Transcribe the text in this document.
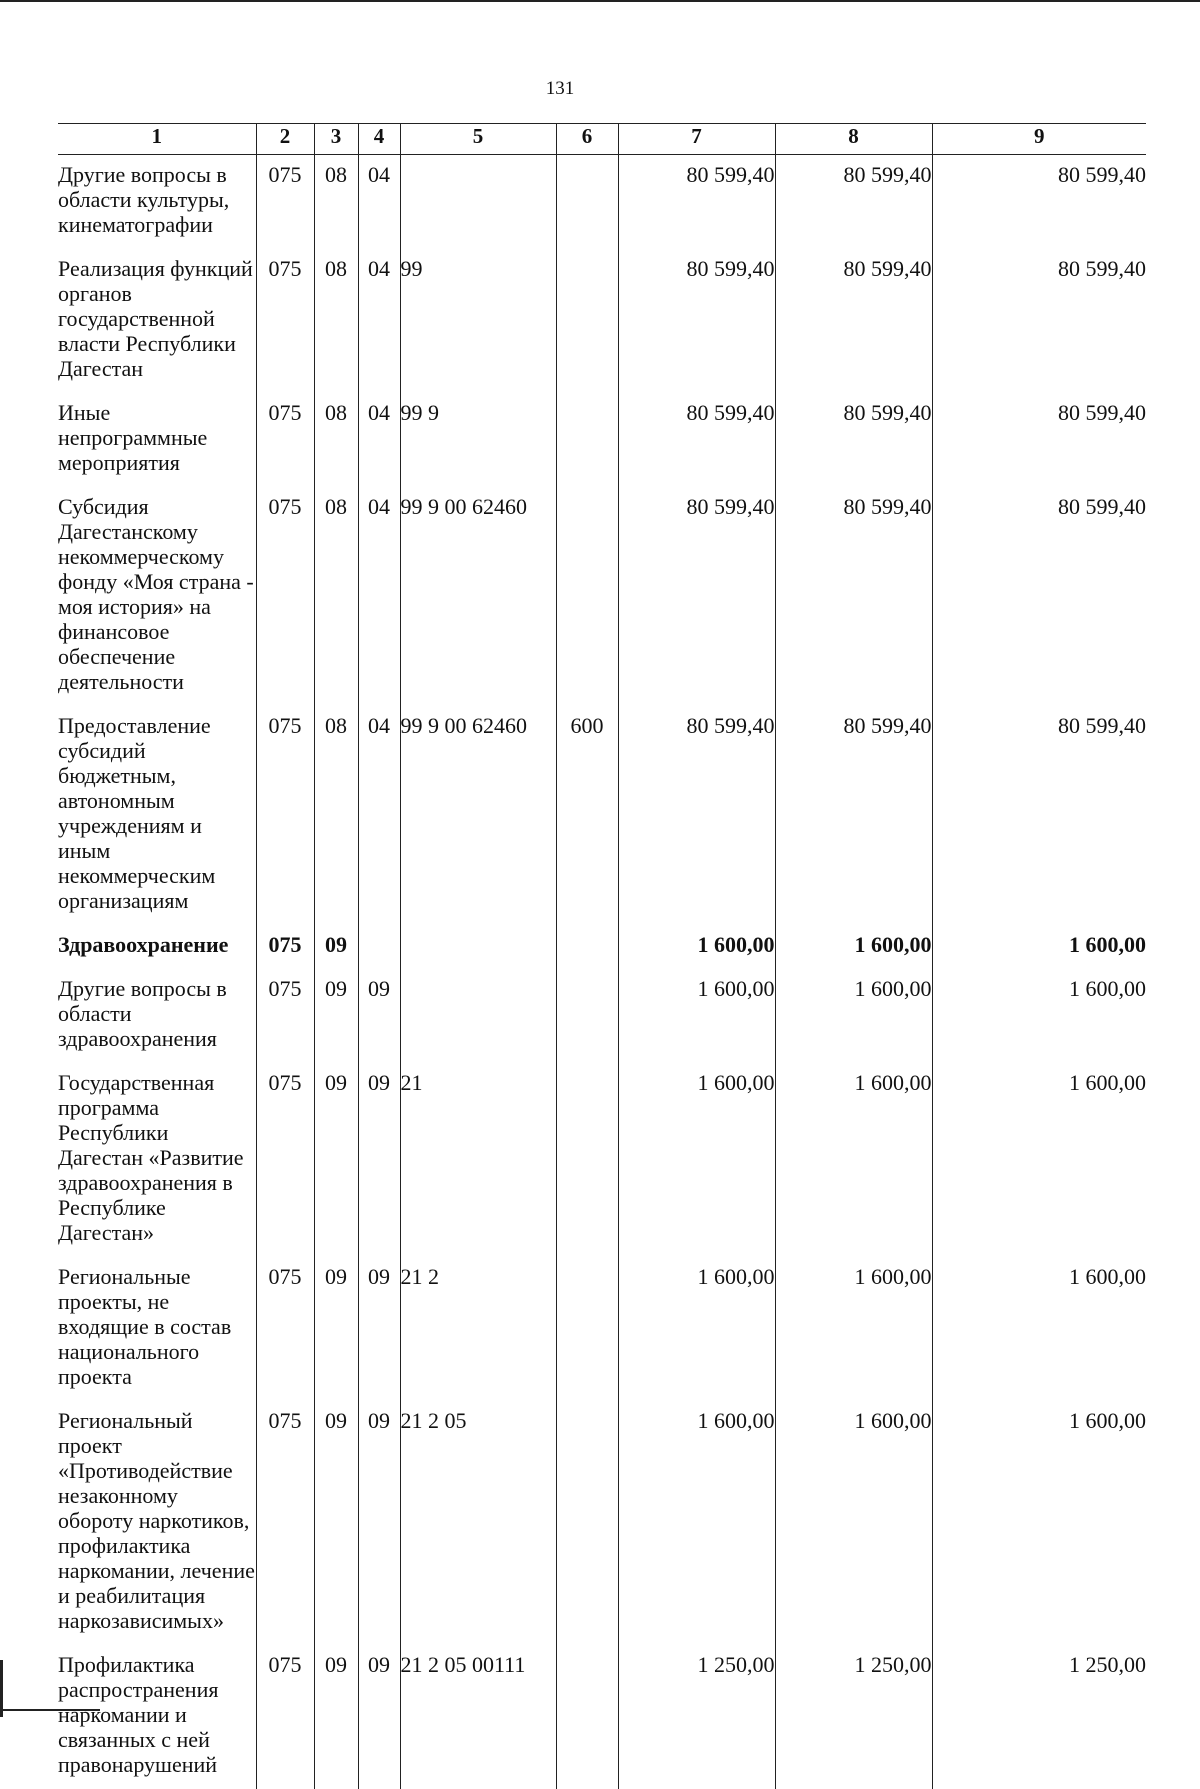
131
1	2	3	4	5	6	7	8	9
Другие вопросы в области культуры, кинематографии	075	08	04			80 599,40	80 599,40	80 599,40
Реализация функций органов государственной власти Республики Дагестан	075	08	04	99		80 599,40	80 599,40	80 599,40
Иные непрограммные мероприятия	075	08	04	99 9		80 599,40	80 599,40	80 599,40
Субсидия Дагестанскому некоммерческому фонду «Моя страна - моя история» на финансовое обеспечение деятельности	075	08	04	99 9 00 62460		80 599,40	80 599,40	80 599,40
Предоставление субсидий бюджетным, автономным учреждениям и иным некоммерческим организациям	075	08	04	99 9 00 62460	600	80 599,40	80 599,40	80 599,40
Здравоохранение	075	09				1 600,00	1 600,00	1 600,00
Другие вопросы в области здравоохранения	075	09	09			1 600,00	1 600,00	1 600,00
Государственная программа Республики Дагестан «Развитие здравоохранения в Республике Дагестан»	075	09	09	21		1 600,00	1 600,00	1 600,00
Региональные проекты, не входящие в состав национального проекта	075	09	09	21 2		1 600,00	1 600,00	1 600,00
Региональный проект «Противодействие незаконному обороту наркотиков, профилактика наркомании, лечение и реабилитация наркозависимых»	075	09	09	21 2 05		1 600,00	1 600,00	1 600,00
Профилактика распространения наркомании и связанных с ней правонарушений	075	09	09	21 2 05 00111		1 250,00	1 250,00	1 250,00
